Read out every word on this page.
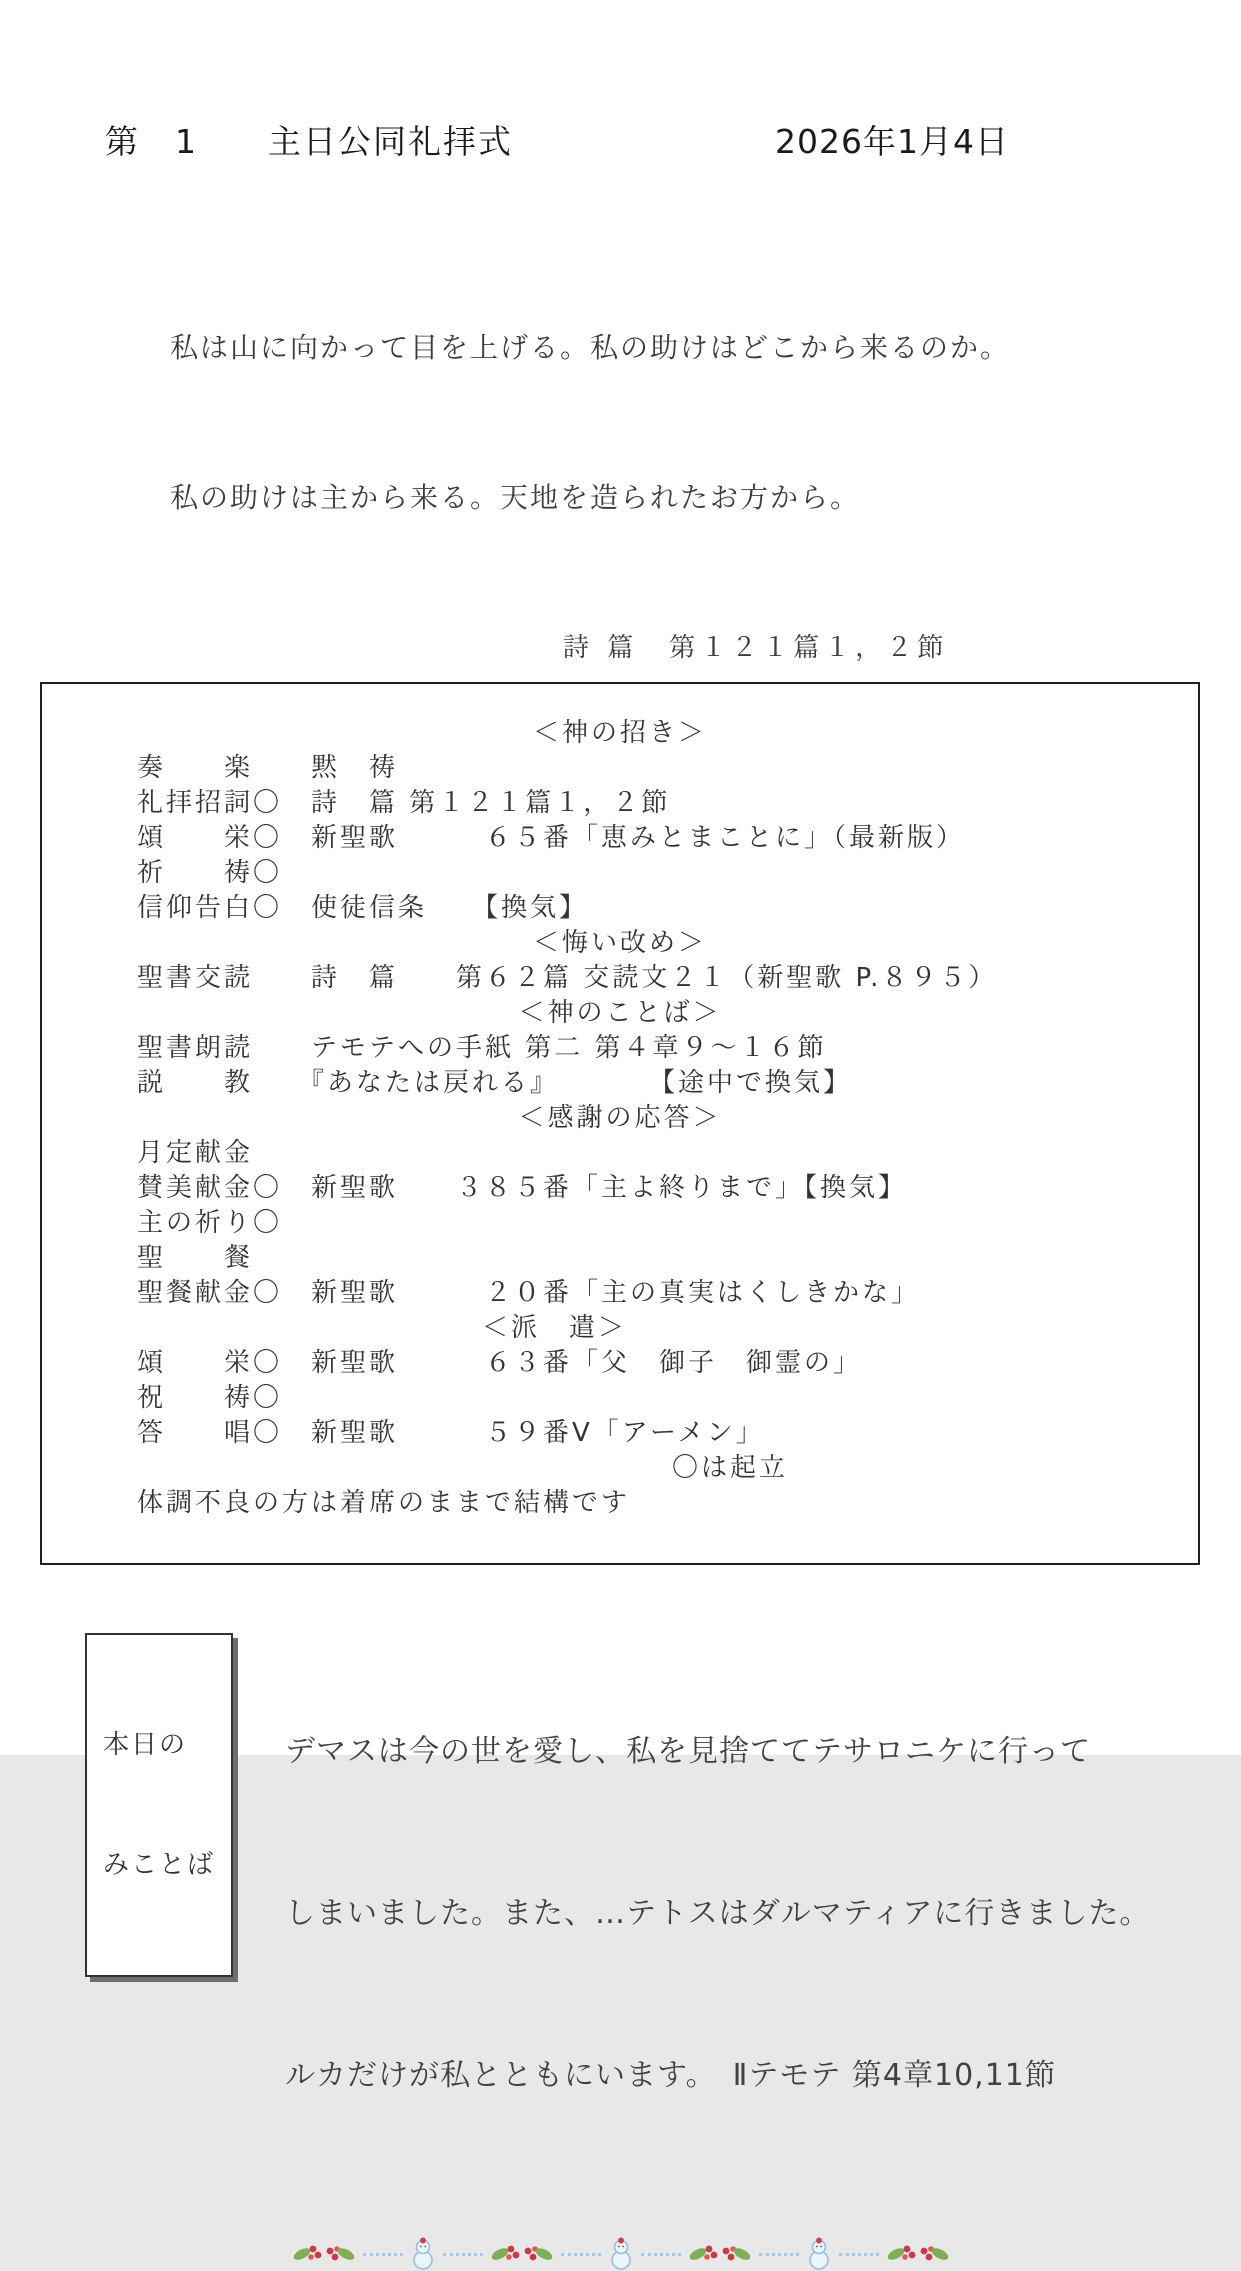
第　1　　主日公同礼拝式	2026年1月4日

私は山に向かって目を上げる。私の助けはどこから来るのか。

私の助けは主から来る。天地を造られたお方から。

詩 篇　第１２１篇１，２節
＜神の招き＞
奏　　楽　　黙　祷
礼拝招詞〇　詩　篇 第１２１篇１，２節
頌　　栄〇　新聖歌　　　６５番「恵みとまことに」（最新版）
祈　　祷〇
信仰告白〇　使徒信条　　【換気】
＜悔い改め＞
聖書交読　　詩　篇　　第６２篇 交読文２１（新聖歌 P.８９５）
＜神のことば＞
聖書朗読　　テモテへの手紙 第二 第４章９～１６節
説　　教　　『あなたは戻れる』　　　　【途中で換気】
＜感謝の応答＞
月定献金
賛美献金〇　新聖歌　　３８５番「主よ終りまで」【換気】
主の祈り〇
聖　　餐
聖餐献金〇　新聖歌　　　２０番「主の真実はくしきかな」
＜派　遣＞
頌　　栄〇　新聖歌　　　６３番「父　御子　御霊の」
祝　　祷〇
答　　唱〇　新聖歌　　　５９番Ⅴ「アーメン」
〇は起立
体調不良の方は着席のままで結構です

本日の

みことば

デマスは今の世を愛し、私を見捨ててテサロニケに行って

しまいました。また、…テトスはダルマティアに行きました。

ルカだけが私とともにいます。　Ⅱテモテ 第4章10,11節
